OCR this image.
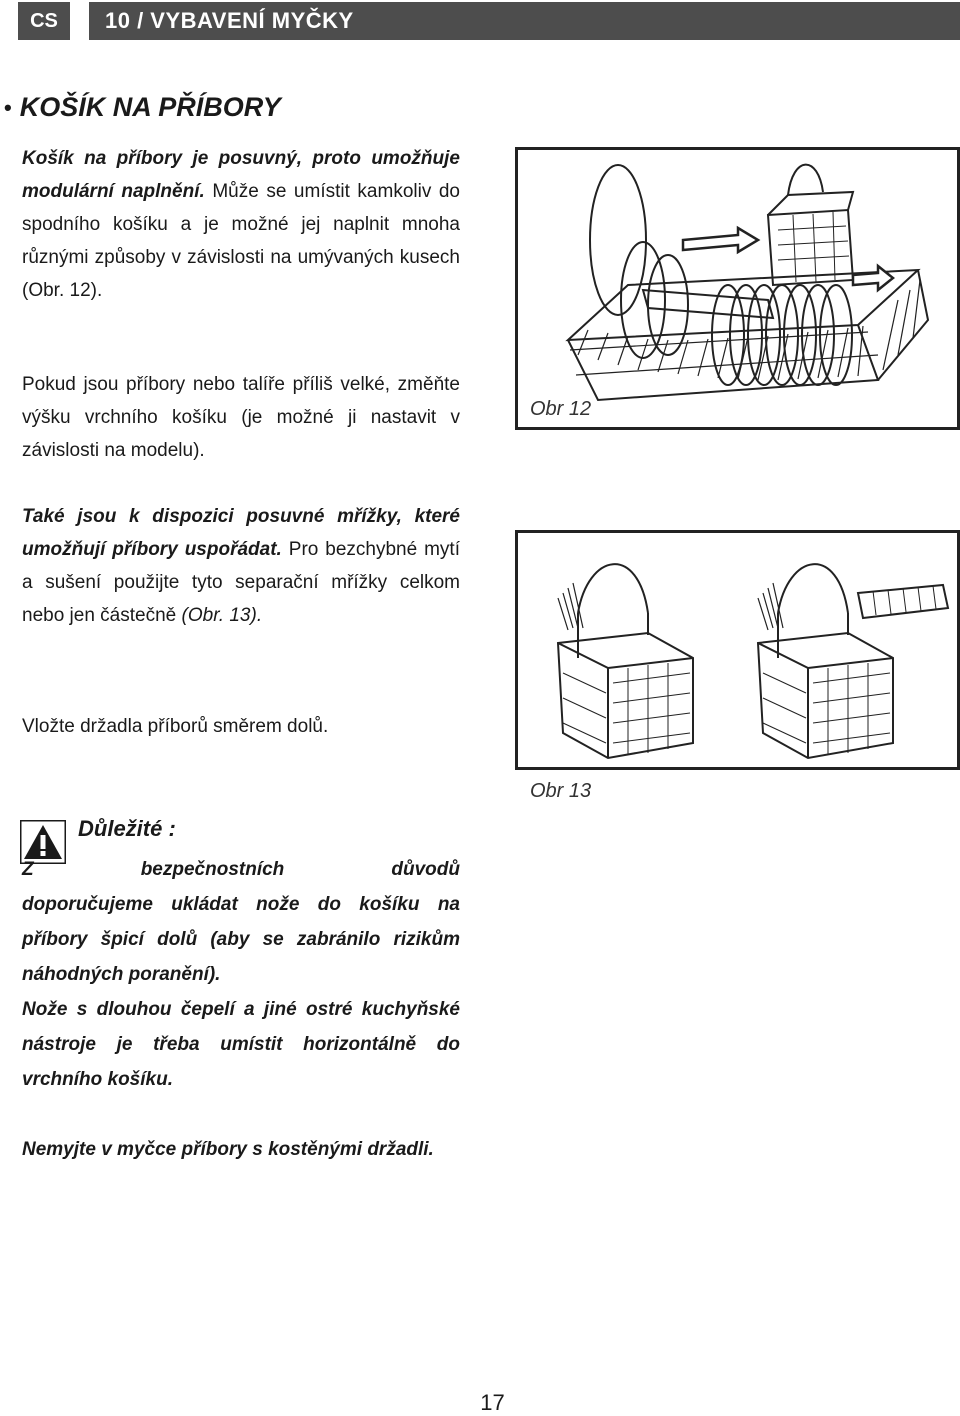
CS	10 / VYBAVENÍ MYČKY
• KOŠÍK NA PŘÍBORY

Košík na příbory je posuvný, proto umožňuje modulární naplnění. Může se umístit kamkoliv do spodního košíku a je možné jej naplnit mnoha různými způsoby v závislosti na umývaných kusech (Obr. 12).

Pokud jsou příbory nebo talíře příliš velké, změňte výšku vrchního košíku (je možné ji nastavit v závislosti na modelu).

Obr 12

Také jsou k dispozici posuvné mřížky, které umožňují příbory uspořádat. Pro bezchybné mytí a sušení použijte tyto separační mřížky celkom nebo jen částečně (Obr. 13).

Vložte držadla příborů směrem dolů.

Obr 13
Důležité :
Z	bezpečnostních	důvodů

doporučujeme ukládat nože do košíku na příbory špicí dolů (aby se zabránilo rizikům náhodných poranění).

Nože s dlouhou čepelí a jiné ostré kuchyňské nástroje je třeba umístit horizontálně do vrchního košíku.

Nemyjte v myčce příbory s kostěnými držadli.

17
